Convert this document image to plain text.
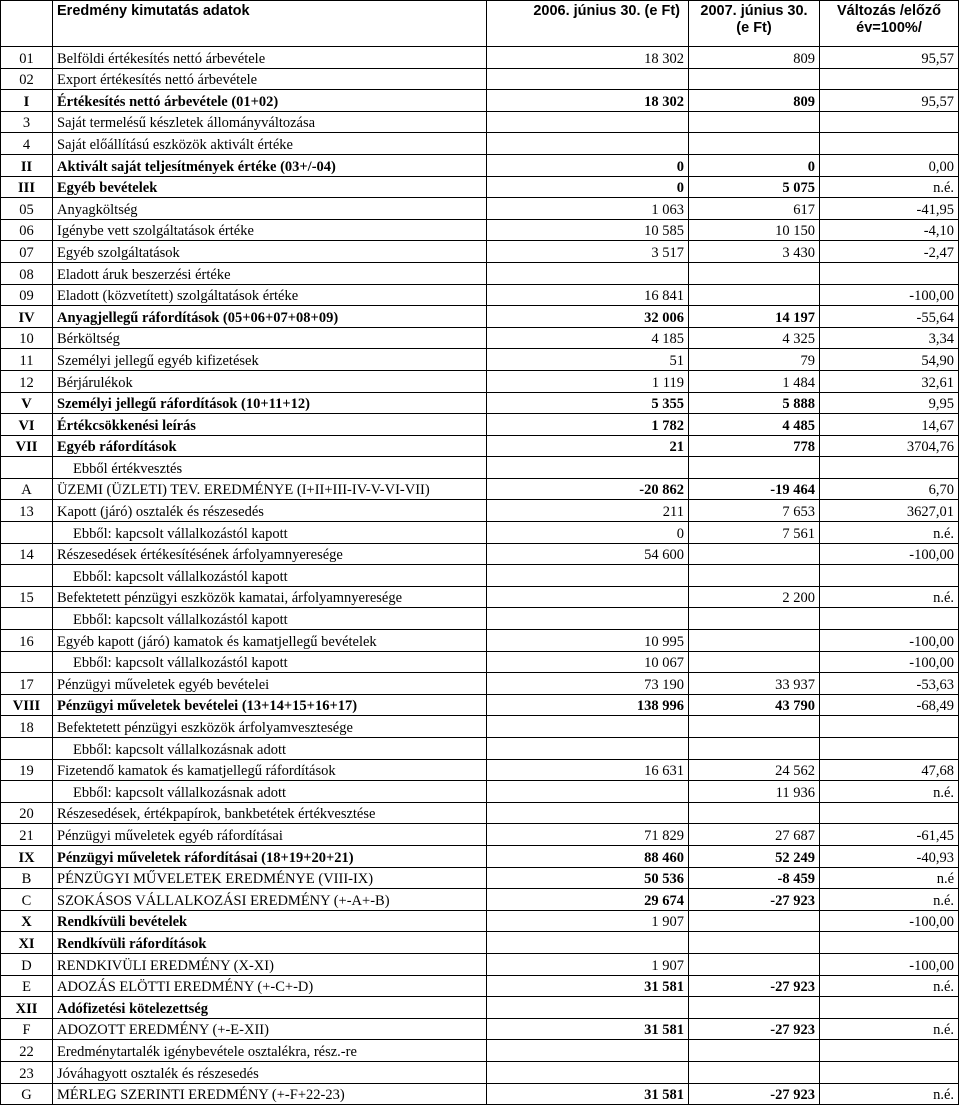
	Eredmény kimutatás adatok	2006. június 30. (e Ft)	2007. június 30. (e Ft)	Változás /előző év=100%/
01	Belföldi értékesítés nettó árbevétele	18 302	809	95,57
02	Export értékesítés nettó árbevétele			
I	Értékesítés nettó árbevétele (01+02)	18 302	809	95,57
3	Saját termelésű készletek állományváltozása			
4	Saját előállítású eszközök aktivált értéke			
II	Aktivált saját teljesítmények értéke (03+/-04)	0	0	0,00
III	Egyéb bevételek	0	5 075	n.é.
05	Anyagköltség	1 063	617	-41,95
06	Igénybe vett szolgáltatások értéke	10 585	10 150	-4,10
07	Egyéb szolgáltatások	3 517	3 430	-2,47
08	Eladott áruk beszerzési értéke			
09	Eladott (közvetített) szolgáltatások értéke	16 841		-100,00
IV	Anyagjellegű ráfordítások (05+06+07+08+09)	32 006	14 197	-55,64
10	Bérköltség	4 185	4 325	3,34
11	Személyi jellegű egyéb kifizetések	51	79	54,90
12	Bérjárulékok	1 119	1 484	32,61
V	Személyi jellegű ráfordítások (10+11+12)	5 355	5 888	9,95
VI	Értékcsökkenési leírás	1 782	4 485	14,67
VII	Egyéb ráfordítások	21	778	3704,76
	Ebből értékvesztés			
A	ÜZEMI (ÜZLETI) TEV. EREDMÉNYE (I+II+III-IV-V-VI-VII)	-20 862	-19 464	6,70
13	Kapott (járó) osztalék és részesedés	211	7 653	3627,01
	Ebből: kapcsolt vállalkozástól kapott	0	7 561	n.é.
14	Részesedések értékesítésének árfolyamnyeresége	54 600		-100,00
	Ebből: kapcsolt vállalkozástól kapott			
15	Befektetett pénzügyi eszközök kamatai, árfolyamnyeresége		2 200	n.é.
	Ebből: kapcsolt vállalkozástól kapott			
16	Egyéb kapott (járó) kamatok és kamatjellegű bevételek	10 995		-100,00
	Ebből: kapcsolt vállalkozástól kapott	10 067		-100,00
17	Pénzügyi műveletek egyéb bevételei	73 190	33 937	-53,63
VIII	Pénzügyi műveletek bevételei (13+14+15+16+17)	138 996	43 790	-68,49
18	Befektetett pénzügyi eszközök árfolyamveszteségе			
	Ebből: kapcsolt vállalkozásnak adott			
19	Fizetendő kamatok és kamatjellegű ráfordítások	16 631	24 562	47,68
	Ebből: kapcsolt vállalkozásnak adott		11 936	n.é.
20	Részesedések, értékpapírok, bankbetétek értékvesztése			
21	Pénzügyi műveletek egyéb ráfordításai	71 829	27 687	-61,45
IX	Pénzügyi műveletek ráfordításai (18+19+20+21)	88 460	52 249	-40,93
B	PÉNZÜGYI MŰVELETEK EREDMÉNYE (VIII-IX)	50 536	-8 459	n.é
C	SZOKÁSOS VÁLLALKOZÁSI EREDMÉNY (+-A+-B)	29 674	-27 923	n.é.
X	Rendkívüli bevételek	1 907		-100,00
XI	Rendkívüli ráfordítások			
D	RENDKIVÜLI EREDMÉNY (X-XI)	1 907		-100,00
E	ADOZÁS ELÖTTI EREDMÉNY (+-C+-D)	31 581	-27 923	n.é.
XII	Adófizetési kötelezettség			
F	ADOZOTT EREDMÉNY (+-E-XII)	31 581	-27 923	n.é.
22	Eredménytartalék igénybevétele osztalékra, rész.-re			
23	Jóváhagyott osztalék és részesedés			
G	MÉRLEG SZERINTI EREDMÉNY (+-F+22-23)	31 581	-27 923	n.é.
